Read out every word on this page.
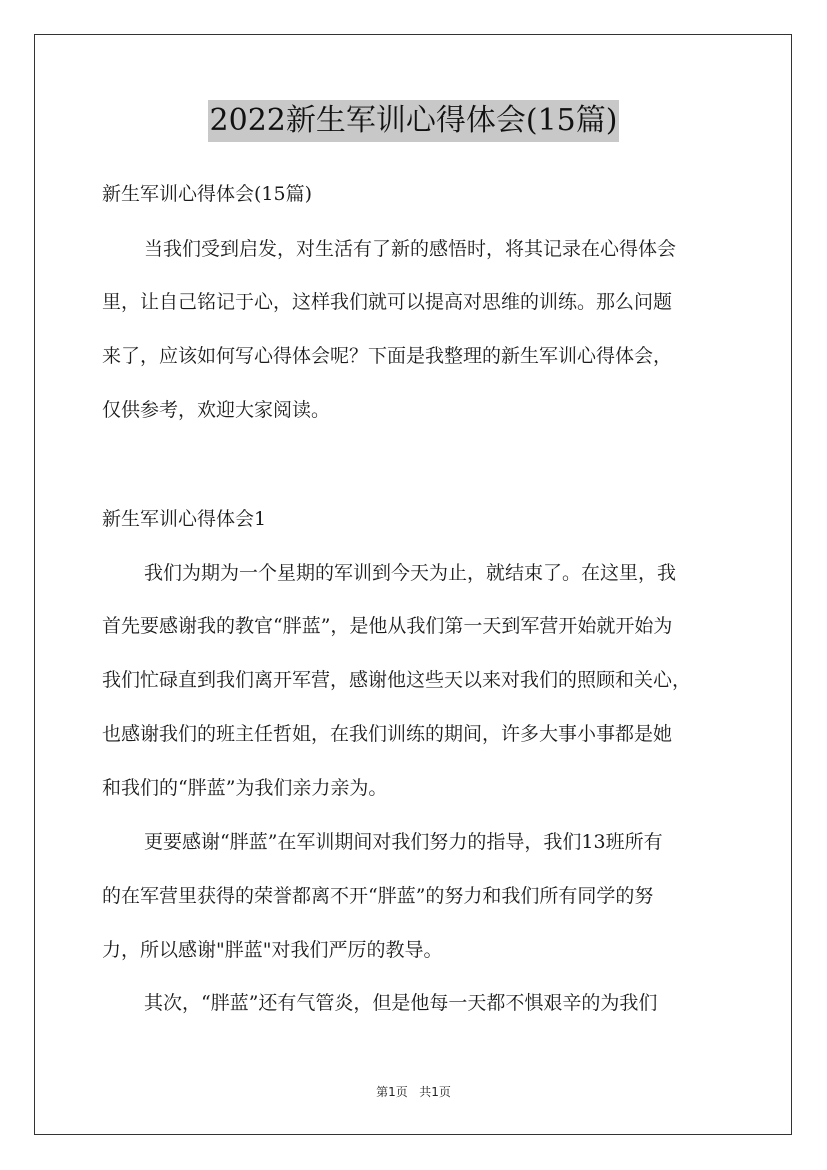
2022新生军训心得体会(15篇)
新生军训心得体会(15篇)
当我们受到启发，对生活有了新的感悟时，将其记录在心得体会
里，让自己铭记于心，这样我们就可以提高对思维的训练。那么问题
来了，应该如何写心得体会呢？下面是我整理的新生军训心得体会，
仅供参考，欢迎大家阅读。
新生军训心得体会1
我们为期为一个星期的军训到今天为止，就结束了。在这里，我
首先要感谢我的教官“胖蓝”，是他从我们第一天到军营开始就开始为
我们忙碌直到我们离开军营，感谢他这些天以来对我们的照顾和关心，
也感谢我们的班主任哲姐，在我们训练的期间，许多大事小事都是她
和我们的“胖蓝”为我们亲力亲为。
更要感谢“胖蓝”在军训期间对我们努力的指导，我们13班所有
的在军营里获得的荣誉都离不开“胖蓝”的努力和我们所有同学的努
力，所以感谢"胖蓝"对我们严厉的教导。
其次，“胖蓝”还有气管炎，但是他每一天都不惧艰辛的为我们
第1页 共1页
